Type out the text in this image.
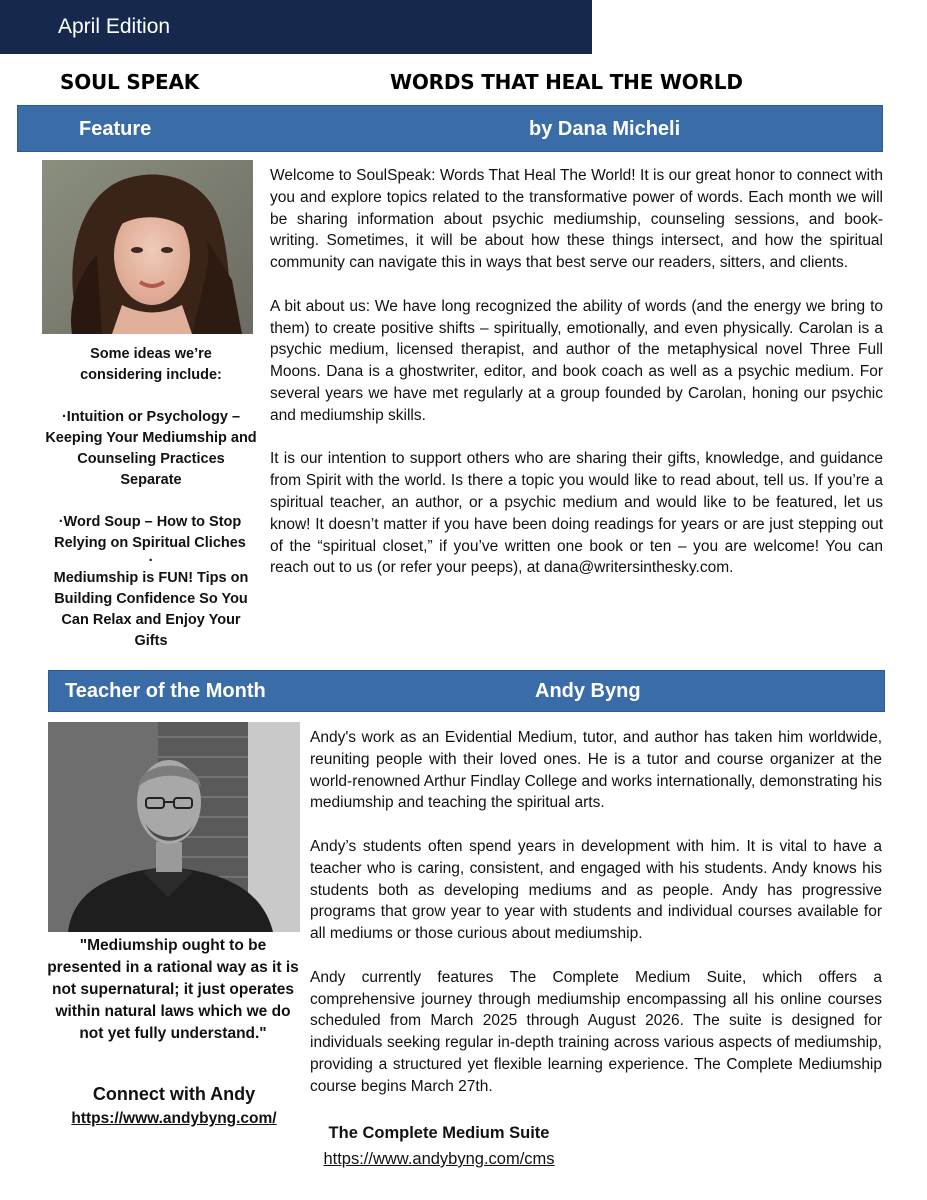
April Edition
SOUL SPEAK	WORDS THAT HEAL THE WORLD
Feature	by Dana Micheli

Some ideas we’re considering include:

·Intuition or Psychology – Keeping Your Mediumship and Counseling Practices Separate

·Word Soup – How to Stop Relying on Spiritual Cliches

·

Mediumship is FUN! Tips on Building Confidence So You Can Relax and Enjoy Your Gifts

Welcome to SoulSpeak: Words That Heal The World! It is our great honor to connect with you and explore topics related to the transformative power of words. Each month we will be sharing information about psychic mediumship, counseling sessions, and book-writing. Sometimes, it will be about how these things intersect, and how the spiritual community can navigate this in ways that best serve our readers, sitters, and clients.

A bit about us: We have long recognized the ability of words (and the energy we bring to them) to create positive shifts – spiritually, emotionally, and even physically. Carolan is a psychic medium, licensed therapist, and author of the metaphysical novel Three Full Moons. Dana is a ghostwriter, editor, and book coach as well as a psychic medium. For several years we have met regularly at a group founded by Carolan, honing our psychic and mediumship skills.

It is our intention to support others who are sharing their gifts, knowledge, and guidance from Spirit with the world. Is there a topic you would like to read about, tell us. If you’re a spiritual teacher, an author, or a psychic medium and would like to be featured, let us know! It doesn’t matter if you have been doing readings for years or are just stepping out of the “spiritual closet,” if you’ve written one book or ten – you are welcome! You can reach out to us (or refer your peeps), at dana@writersinthesky.com.

Teacher of the Month	Andy Byng
"Mediumship ought to be presented in a rational way as it is not supernatural; it just operates within natural laws which we do not yet fully understand."
Connect with Andy
https://www.andybyng.com/

Andy's work as an Evidential Medium, tutor, and author has taken him worldwide, reuniting people with their loved ones. He is a tutor and course organizer at the world-renowned Arthur Findlay College and works internationally, demonstrating his mediumship and teaching the spiritual arts.

Andy’s students often spend years in development with him. It is vital to have a teacher who is caring, consistent, and engaged with his students. Andy knows his students both as developing mediums and as people. Andy has progressive programs that grow year to year with students and individual courses available for all mediums or those curious about mediumship.

Andy currently features The Complete Medium Suite, which offers a comprehensive journey through mediumship encompassing all his online courses scheduled from March 2025 through August 2026. The suite is designed for individuals seeking regular in-depth training across various aspects of mediumship, providing a structured yet flexible learning experience. The Complete Mediumship course begins March 27th.

The Complete Medium Suite
https://www.andybyng.com/cms
